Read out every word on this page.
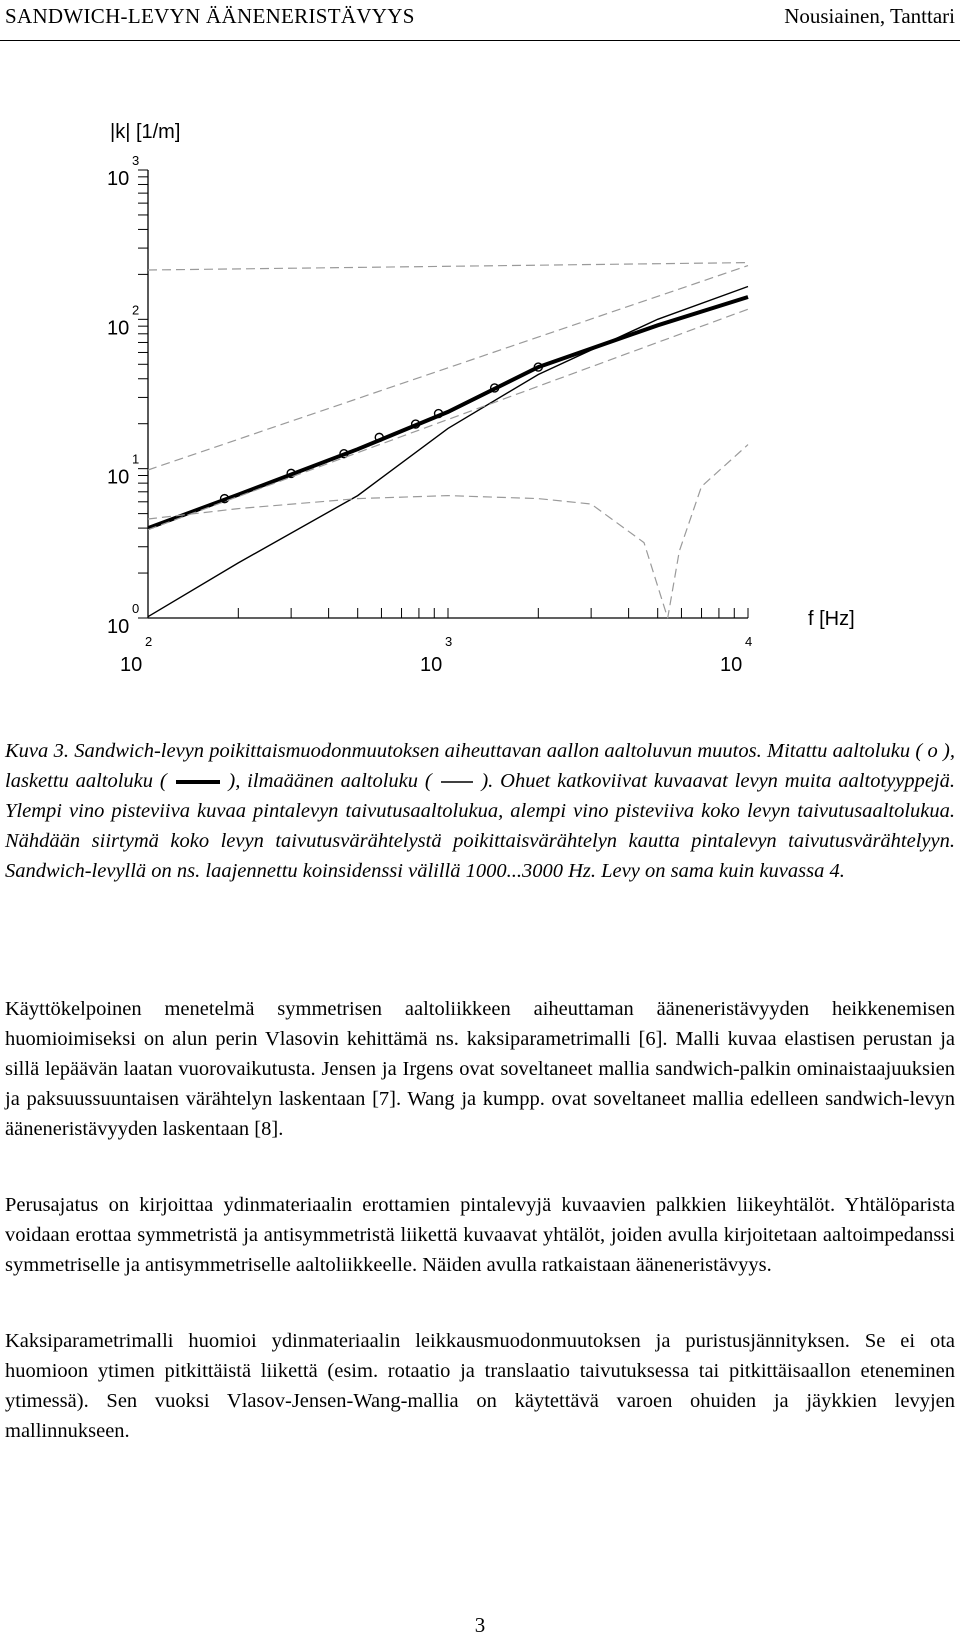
SANDWICH-LEVYN ÄÄNENERISTÄVYYS	Nousiainen, Tanttari
10
3
10
2
10
1
10
0
10
2
10
3
10
4
|k| [1/m]
f [Hz]
Kuva 3. Sandwich-levyn poikittaismuodonmuutoksen aiheuttavan aallon aaltoluvun muutos. Mitattu aaltoluku ( o ), laskettu aaltoluku (	), ilmaäänen aaltoluku ( ). Ohuet katkoviivat kuvaavat levyn muita aaltotyyppejä. Ylempi vino pisteviiva kuvaa pintalevyn taivutusaaltolukua, alempi vino pisteviiva koko levyn taivutusaaltolukua. Nähdään siirtymä koko levyn taivutusvärähtelystä poikittaisvärähtelyn kautta pintalevyn taivutusvärähtelyyn. Sandwich-levyllä on ns. laajennettu koinsidenssi välillä 1000...3000 Hz. Levy on sama kuin kuvassa 4.
Käyttökelpoinen menetelmä symmetrisen aaltoliikkeen aiheuttaman ääneneristävyyden heikkenemisen huomioimiseksi on alun perin Vlasovin kehittämä ns. kaksiparametrimalli [6]. Malli kuvaa elastisen perustan ja sillä lepäävän laatan vuorovaikutusta. Jensen ja Irgens ovat soveltaneet mallia sandwich-palkin ominaistaajuuksien ja paksuussuuntaisen värähtelyn laskentaan [7]. Wang ja kumpp. ovat soveltaneet mallia edelleen sandwich-levyn ääneneristävyyden laskentaan [8].
Perusajatus on kirjoittaa ydinmateriaalin erottamien pintalevyjä kuvaavien palkkien liikeyhtälöt. Yhtälöparista voidaan erottaa symmetristä ja antisymmetristä liikettä kuvaavat yhtälöt, joiden avulla kirjoitetaan aaltoimpedanssi symmetriselle ja antisymmetriselle aaltoliikkeelle. Näiden avulla ratkaistaan ääneneristävyys.
Kaksiparametrimalli huomioi ydinmateriaalin leikkausmuodonmuutoksen ja puristusjännityksen. Se ei ota huomioon ytimen pitkittäistä liikettä (esim. rotaatio ja translaatio taivutuksessa tai pitkittäisaallon eteneminen ytimessä). Sen vuoksi Vlasov-Jensen-Wang-mallia on käytettävä varoen ohuiden ja jäykkien levyjen mallinnukseen.
3
